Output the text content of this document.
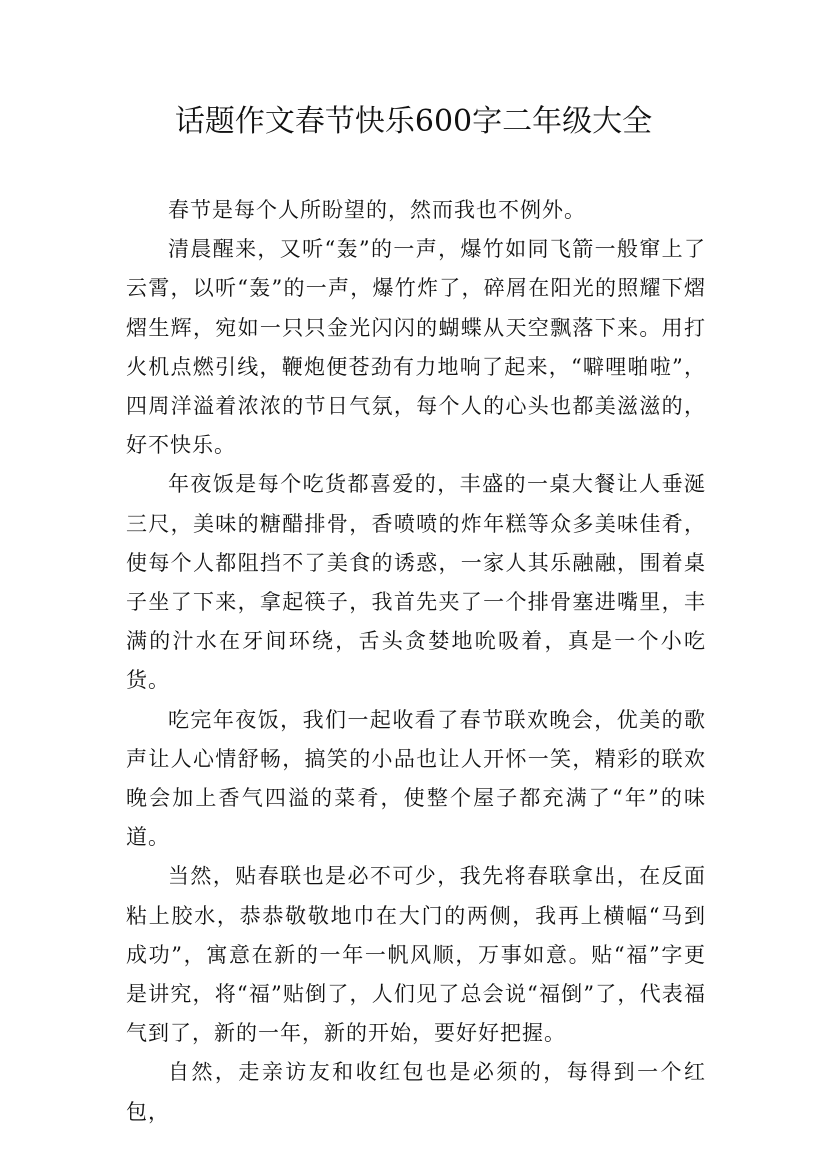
话题作文春节快乐600字二年级大全

春节是每个人所盼望的，然而我也不例外。

清晨醒来，又听“轰”的一声，爆竹如同飞箭一般窜上了云霄，以听“轰”的一声，爆竹炸了，碎屑在阳光的照耀下熠熠生辉，宛如一只只金光闪闪的蝴蝶从天空飘落下来。用打火机点燃引线，鞭炮便苍劲有力地响了起来，“噼哩啪啦”，四周洋溢着浓浓的节日气氛，每个人的心头也都美滋滋的，好不快乐。

年夜饭是每个吃货都喜爱的，丰盛的一桌大餐让人垂涎三尺，美味的糖醋排骨，香喷喷的炸年糕等众多美味佳肴，使每个人都阻挡不了美食的诱惑，一家人其乐融融，围着桌子坐了下来，拿起筷子，我首先夹了一个排骨塞进嘴里，丰满的汁水在牙间环绕，舌头贪婪地吮吸着，真是一个小吃货。

吃完年夜饭，我们一起收看了春节联欢晚会，优美的歌声让人心情舒畅，搞笑的小品也让人开怀一笑，精彩的联欢晚会加上香气四溢的菜肴，使整个屋子都充满了“年”的味道。

当然，贴春联也是必不可少，我先将春联拿出，在反面粘上胶水，恭恭敬敬地巾在大门的两侧，我再上横幅“马到成功”，寓意在新的一年一帆风顺，万事如意。贴“福”字更是讲究，将“福”贴倒了，人们见了总会说“福倒”了，代表福气到了，新的一年，新的开始，要好好把握。

自然，走亲访友和收红包也是必须的，每得到一个红包，
